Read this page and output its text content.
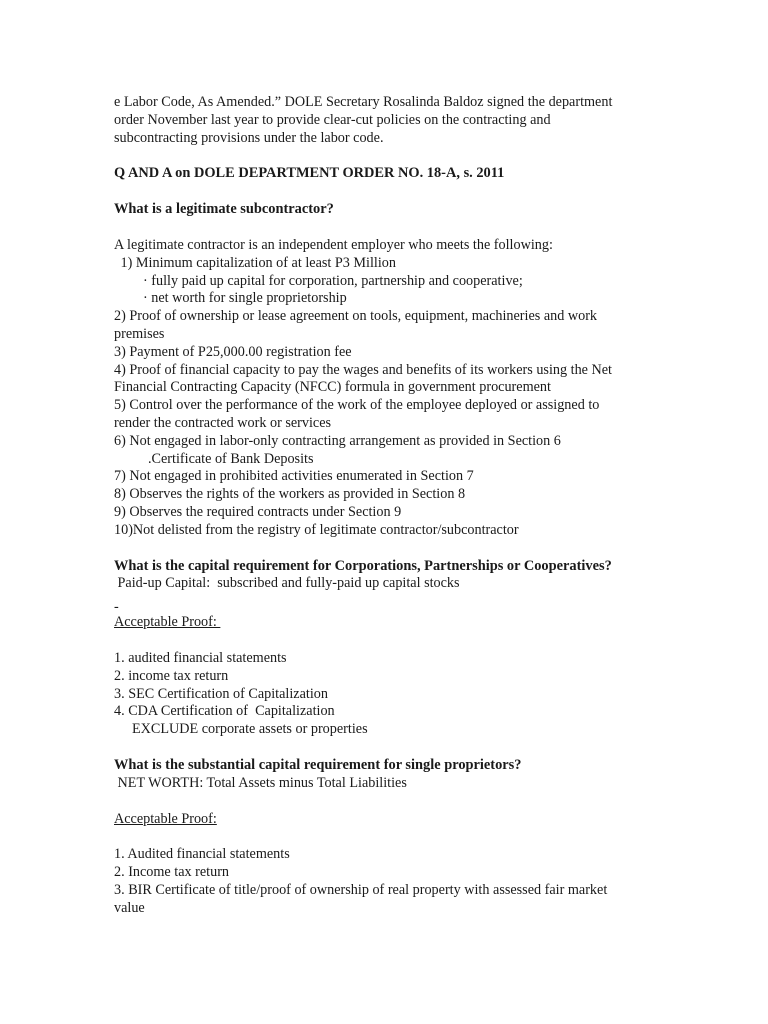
e Labor Code, As Amended.” DOLE Secretary Rosalinda Baldoz signed the department
order November last year to provide clear-cut policies on the contracting and
subcontracting provisions under the labor code.
Q AND A on DOLE DEPARTMENT ORDER NO. 18-A, s. 2011
What is a legitimate subcontractor?
A legitimate contractor is an independent employer who meets the following:
1) Minimum capitalization of at least P3 Million
· fully paid up capital for corporation, partnership and cooperative;
· net worth for single proprietorship
2) Proof of ownership or lease agreement on tools, equipment, machineries and work
premises
3) Payment of P25,000.00 registration fee
4) Proof of financial capacity to pay the wages and benefits of its workers using the Net
Financial Contracting Capacity (NFCC) formula in government procurement
5) Control over the performance of the work of the employee deployed or assigned to
render the contracted work or services
6) Not engaged in labor-only contracting arrangement as provided in Section 6
.Certificate of Bank Deposits
7) Not engaged in prohibited activities enumerated in Section 7
8) Observes the rights of the workers as provided in Section 8
9) Observes the required contracts under Section 9
10)Not delisted from the registry of legitimate contractor/subcontractor
What is the capital requirement for Corporations, Partnerships or Cooperatives?
Paid-up Capital:  subscribed and fully-paid up capital stocks
-
Acceptable Proof:
1. audited financial statements
2. income tax return
3. SEC Certification of Capitalization
4. CDA Certification of  Capitalization
EXCLUDE corporate assets or properties
What is the substantial capital requirement for single proprietors?
NET WORTH: Total Assets minus Total Liabilities
Acceptable Proof:
1. Audited financial statements
2. Income tax return
3. BIR Certificate of title/proof of ownership of real property with assessed fair market
value
